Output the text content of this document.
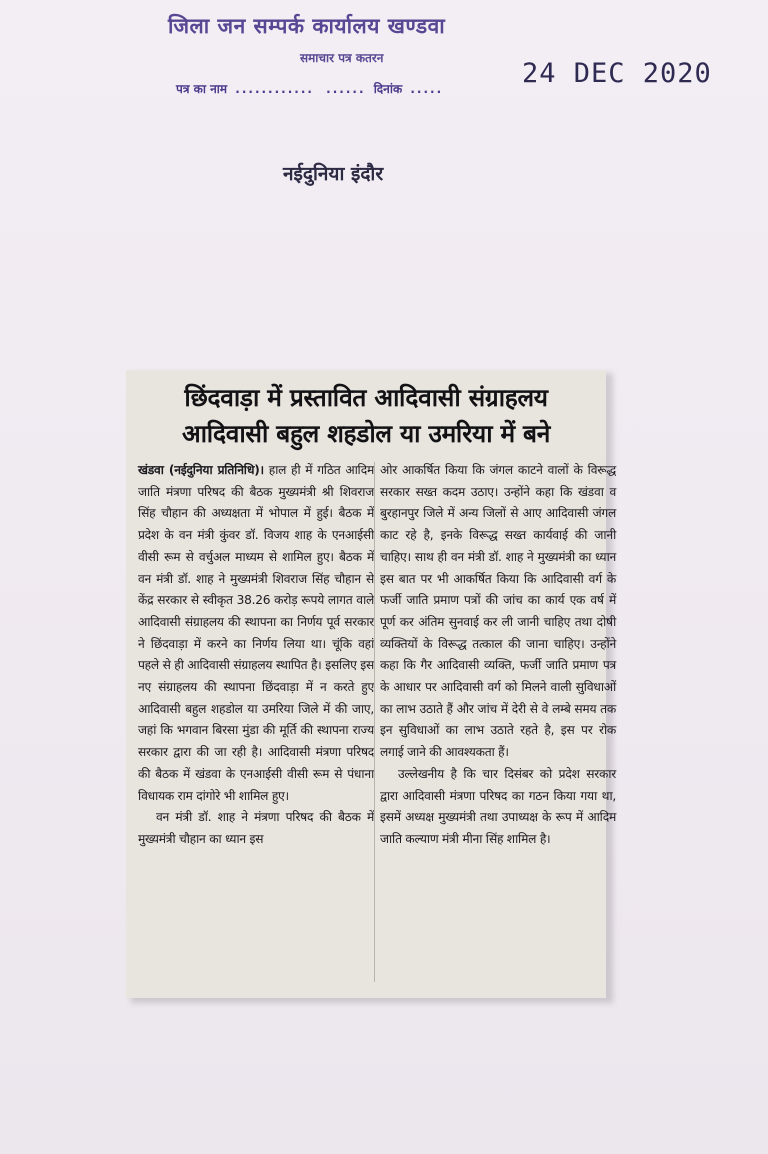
जिला जन सम्पर्क कार्यालय खण्डवा
समाचार पत्र कतरन
पत्र का नाम ............ ...... दिनांक .....	24 DEC 2020
नईदुनिया इंदौर
छिंदवाड़ा में प्रस्तावित आदिवासी संग्राहलय
आदिवासी बहुल शहडोल या उमरिया में बने

खंडवा (नईदुनिया प्रतिनिधि)। हाल ही में गठित आदिम जाति मंत्रणा परिषद की बैठक मुख्यमंत्री श्री शिवराज सिंह चौहान की अध्यक्षता में भोपाल में हुई। बैठक में प्रदेश के वन मंत्री कुंवर डॉ. विजय शाह के एनआईसी वीसी रूम से वर्चुअल माध्यम से शामिल हुए। बैठक में वन मंत्री डॉ. शाह ने मुख्यमंत्री शिवराज सिंह चौहान से केंद्र सरकार से स्वीकृत 38.26 करोड़ रूपये लागत वाले आदिवासी संग्राहलय की स्थापना का निर्णय पूर्व सरकार ने छिंदवाड़ा में करने का निर्णय लिया था। चूंकि वहां पहले से ही आदिवासी संग्राहलय स्थापित है। इसलिए इस नए संग्राहलय की स्थापना छिंदवाड़ा में न करते हुए आदिवासी बहुल शहडोल या उमरिया जिले में की जाए, जहां कि भगवान बिरसा मुंडा की मूर्ति की स्थापना राज्य सरकार द्वारा की जा रही है। आदिवासी मंत्रणा परिषद की बैठक में खंडवा के एनआईसी वीसी रूम से पंधाना विधायक राम दांगोरे भी शामिल हुए।

वन मंत्री डॉ. शाह ने मंत्रणा परिषद की बैठक में मुख्यमंत्री चौहान का ध्यान इस

ओर आकर्षित किया कि जंगल काटने वालों के विरूद्ध सरकार सख्त कदम उठाए। उन्होंने कहा कि खंडवा व बुरहानपुर जिले में अन्य जिलों से आए आदिवासी जंगल काट रहे है, इनके विरूद्ध सख्त कार्यवाई की जानी चाहिए। साथ ही वन मंत्री डॉ. शाह ने मुख्यमंत्री का ध्यान इस बात पर भी आकर्षित किया कि आदिवासी वर्ग के फर्जी जाति प्रमाण पत्रों की जांच का कार्य एक वर्ष में पूर्ण कर अंतिम सुनवाई कर ली जानी चाहिए तथा दोषी व्यक्तियों के विरूद्ध तत्काल की जाना चाहिए। उन्होंने कहा कि गैर आदिवासी व्यक्ति, फर्जी जाति प्रमाण पत्र के आधार पर आदिवासी वर्ग को मिलने वाली सुविधाओं का लाभ उठाते हैं और जांच में देरी से वे लम्बे समय तक इन सुविधाओं का लाभ उठाते रहते है, इस पर रोक लगाई जाने की आवश्यकता हैं।

उल्लेखनीय है कि चार दिसंबर को प्रदेश सरकार द्वारा आदिवासी मंत्रणा परिषद का गठन किया गया था, इसमें अध्यक्ष मुख्यमंत्री तथा उपाध्यक्ष के रूप में आदिम जाति कल्याण मंत्री मीना सिंह शामिल है।
